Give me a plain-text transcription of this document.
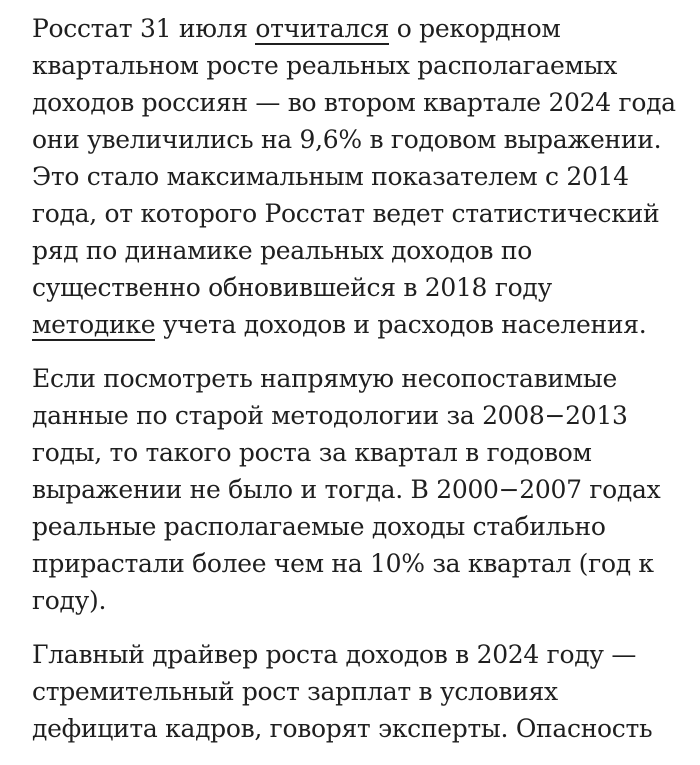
Росстат 31 июля отчитался о рекордном
квартальном росте реальных располагаемых
доходов россиян — во втором квартале 2024 года
они увеличились на 9,6% в годовом выражении.
Это стало максимальным показателем с 2014
года, от которого Росстат ведет статистический
ряд по динамике реальных доходов по
существенно обновившейся в 2018 году
методике учета доходов и расходов населения.

Если посмотреть напрямую несопоставимые
данные по старой методологии за 2008−2013
годы, то такого роста за квартал в годовом
выражении не было и тогда. В 2000−2007 годах
реальные располагаемые доходы стабильно
прирастали более чем на 10% за квартал (год к
году).

Главный драйвер роста доходов в 2024 году —
стремительный рост зарплат в условиях
дефицита кадров, говорят эксперты. Опасность
